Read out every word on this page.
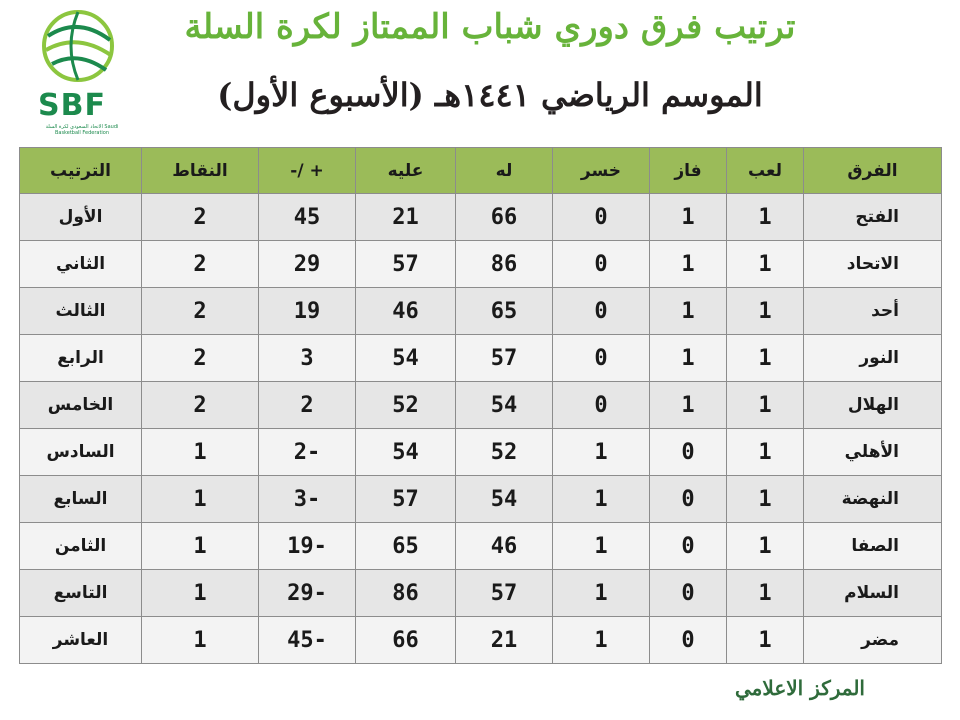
SBF
الاتحاد السعودي لكرة السلة Saudi Basketball Federation
ترتيب فرق دوري شباب الممتاز لكرة السلة
الموسم الرياضي ١٤٤١هـ (الأسبوع الأول)
الفرق	لعب	فاز	خسر	له	عليه	+ /-	النقاط	الترتيب
الفتح	1	1	0	66	21	45	2	الأول
الاتحاد	1	1	0	86	57	29	2	الثاني
أحد	1	1	0	65	46	19	2	الثالث
النور	1	1	0	57	54	3	2	الرابع
الهلال	1	1	0	54	52	2	2	الخامس
الأهلي	1	0	1	52	54	-2	1	السادس
النهضة	1	0	1	54	57	-3	1	السابع
الصفا	1	0	1	46	65	-19	1	الثامن
السلام	1	0	1	57	86	-29	1	التاسع
مضر	1	0	1	21	66	-45	1	العاشر
المركز الاعلامي
